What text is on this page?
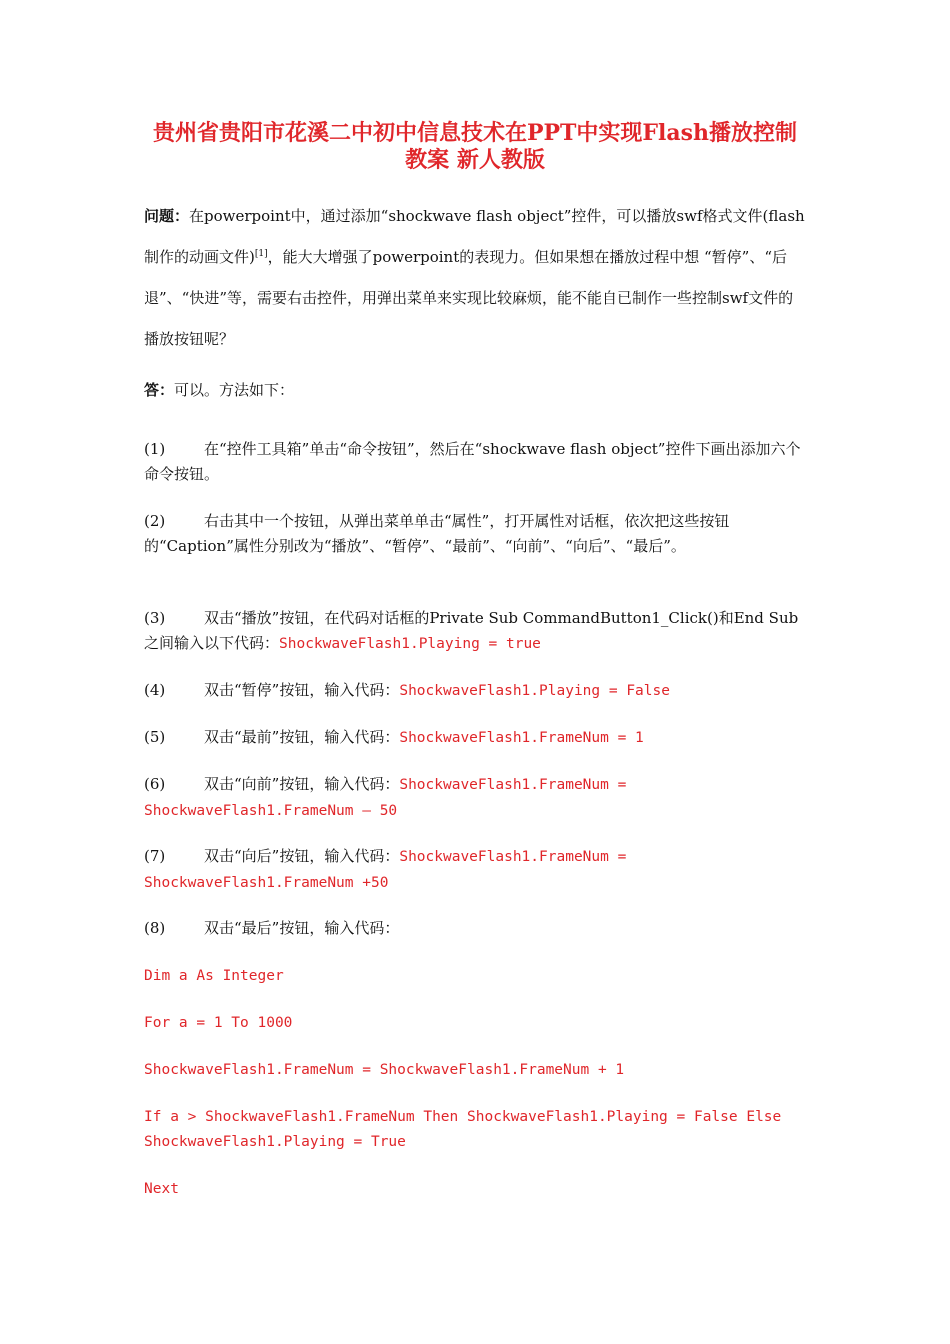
贵州省贵阳市花溪二中初中信息技术在PPT中实现Flash播放控制
教案 新人教版
问题：在powerpoint中，通过添加“shockwave flash object”控件，可以播放swf格式文件(flash制作的动画文件)[1]，能大大增强了powerpoint的表现力。但如果想在播放过程中想 “暂停”、“后退”、“快进”等，需要右击控件，用弹出菜单来实现比较麻烦，能不能自已制作一些控制swf文件的播放按钮呢？
答：可以。方法如下：
(1)	在“控件工具箱”单击“命令按钮”，然后在“shockwave flash object”控件下画出添加六个命令按钮。
(2)	右击其中一个按钮，从弹出菜单单击“属性”，打开属性对话框，依次把这些按钮的“Caption”属性分别改为“播放”、“暂停”、“最前”、“向前”、“向后”、“最后”。
(3)	双击“播放”按钮，在代码对话框的Private Sub CommandButton1_Click()和End Sub之间输入以下代码：ShockwaveFlash1.Playing = true
(4)	双击“暂停”按钮，输入代码：ShockwaveFlash1.Playing = False
(5)	双击“最前”按钮，输入代码：ShockwaveFlash1.FrameNum = 1
(6)	双击“向前”按钮，输入代码：ShockwaveFlash1.FrameNum = ShockwaveFlash1.FrameNum – 50
(7)	双击“向后”按钮，输入代码：ShockwaveFlash1.FrameNum = ShockwaveFlash1.FrameNum +50
(8)	双击“最后”按钮，输入代码：
Dim a As Integer
For a = 1 To 1000
ShockwaveFlash1.FrameNum = ShockwaveFlash1.FrameNum + 1
If a > ShockwaveFlash1.FrameNum Then ShockwaveFlash1.Playing = False Else ShockwaveFlash1.Playing = True
Next
